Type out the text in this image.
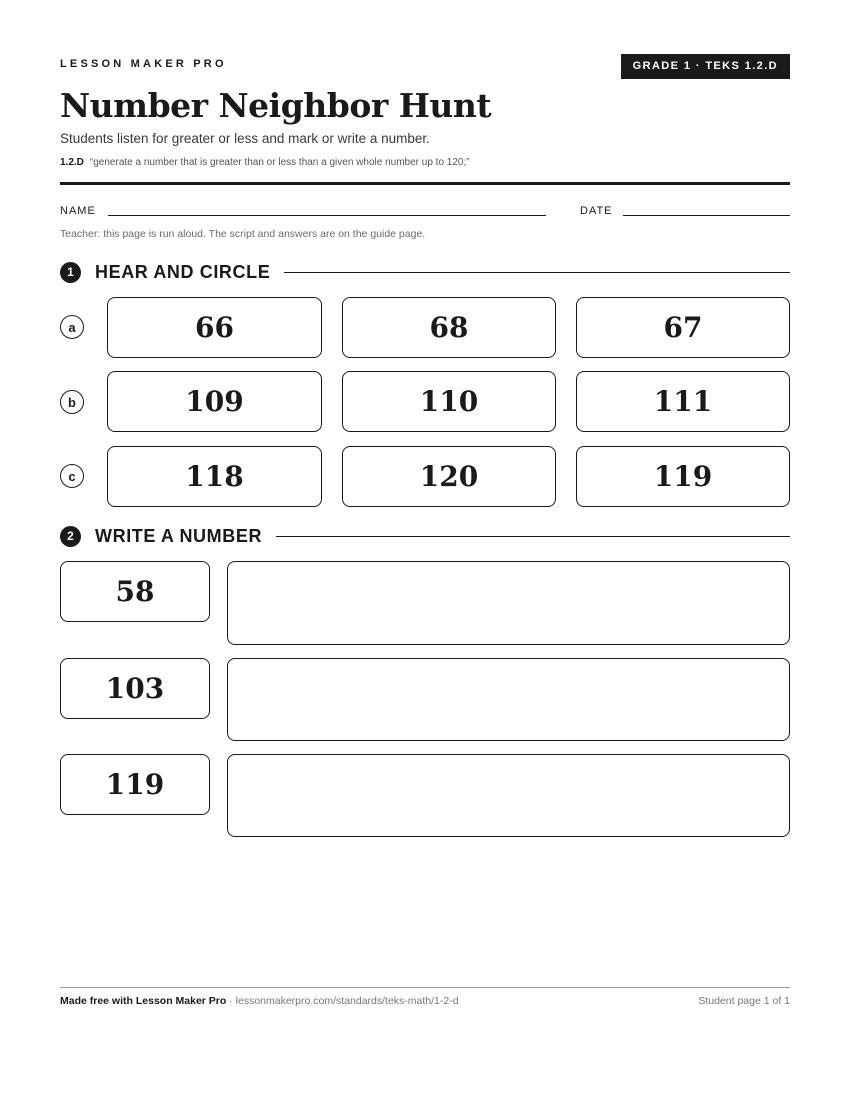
LESSON MAKER PRO	GRADE 1 · TEKS 1.2.D
Number Neighbor Hunt
Students listen for greater or less and mark or write a number.
1.2.D “generate a number that is greater than or less than a given whole number up to 120;”
NAME	DATE
Teacher: this page is run aloud. The script and answers are on the guide page.
1	HEAR AND CIRCLE
a	66	68	67
b	109	110	111
c	118	120	119
2	WRITE A NUMBER
58
103
119
Made free with Lesson Maker Pro · lessonmakerpro.com/standards/teks-math/1-2-d	Student page 1 of 1
